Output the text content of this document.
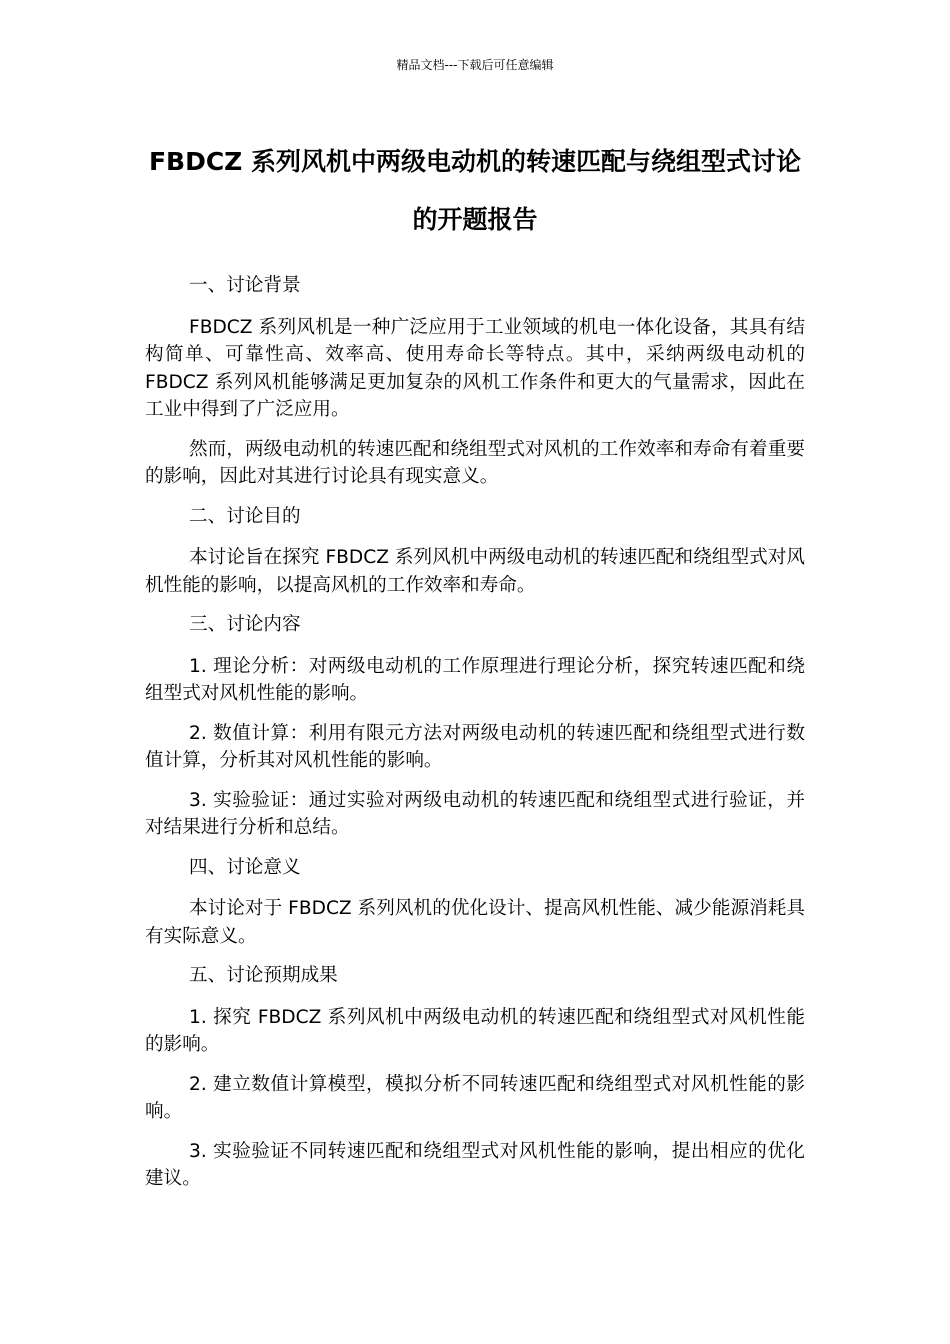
精品文档---下载后可任意编辑
FBDCZ 系列风机中两级电动机的转速匹配与绕组型式讨论的开题报告

一、讨论背景

FBDCZ 系列风机是一种广泛应用于工业领域的机电一体化设备，其具有结构简单、可靠性高、效率高、使用寿命长等特点。其中，采纳两级电动机的 FBDCZ 系列风机能够满足更加复杂的风机工作条件和更大的气量需求，因此在工业中得到了广泛应用。

然而，两级电动机的转速匹配和绕组型式对风机的工作效率和寿命有着重要的影响，因此对其进行讨论具有现实意义。

二、讨论目的

本讨论旨在探究 FBDCZ 系列风机中两级电动机的转速匹配和绕组型式对风机性能的影响，以提高风机的工作效率和寿命。

三、讨论内容

1. 理论分析：对两级电动机的工作原理进行理论分析，探究转速匹配和绕组型式对风机性能的影响。

2. 数值计算：利用有限元方法对两级电动机的转速匹配和绕组型式进行数值计算，分析其对风机性能的影响。

3. 实验验证：通过实验对两级电动机的转速匹配和绕组型式进行验证，并对结果进行分析和总结。

四、讨论意义

本讨论对于 FBDCZ 系列风机的优化设计、提高风机性能、减少能源消耗具有实际意义。

五、讨论预期成果

1. 探究 FBDCZ 系列风机中两级电动机的转速匹配和绕组型式对风机性能的影响。

2. 建立数值计算模型，模拟分析不同转速匹配和绕组型式对风机性能的影响。

3. 实验验证不同转速匹配和绕组型式对风机性能的影响，提出相应的优化建议。
